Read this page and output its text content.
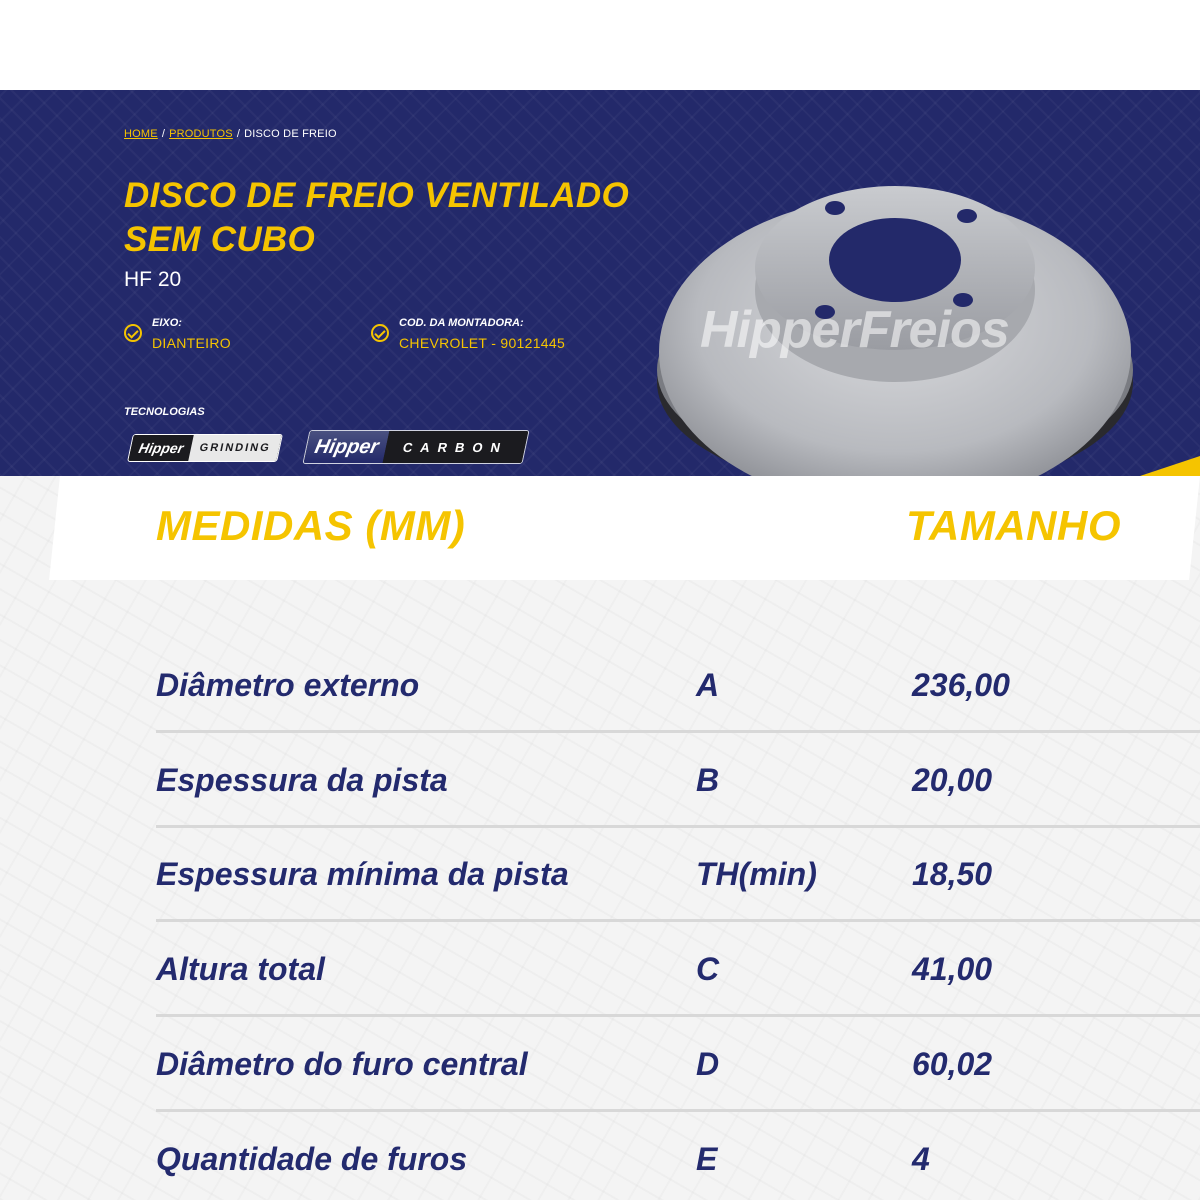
HOME / PRODUTOS / DISCO DE FREIO
DISCO DE FREIO VENTILADO SEM CUBO
HF 20
EIXO:
DIANTEIRO
COD. DA MONTADORA:
CHEVROLET - 90121445
TECNOLOGIAS
Hipper	GRINDING	Hipper	CARBON
HipperFreios
MEDIDAS (MM)	TAMANHO
Diâmetro externo	A	236,00
Espessura da pista	B	20,00
Espessura mínima da pista	TH(min)	18,50
Altura total	C	41,00
Diâmetro do furo central	D	60,02
Quantidade de furos	E	4
